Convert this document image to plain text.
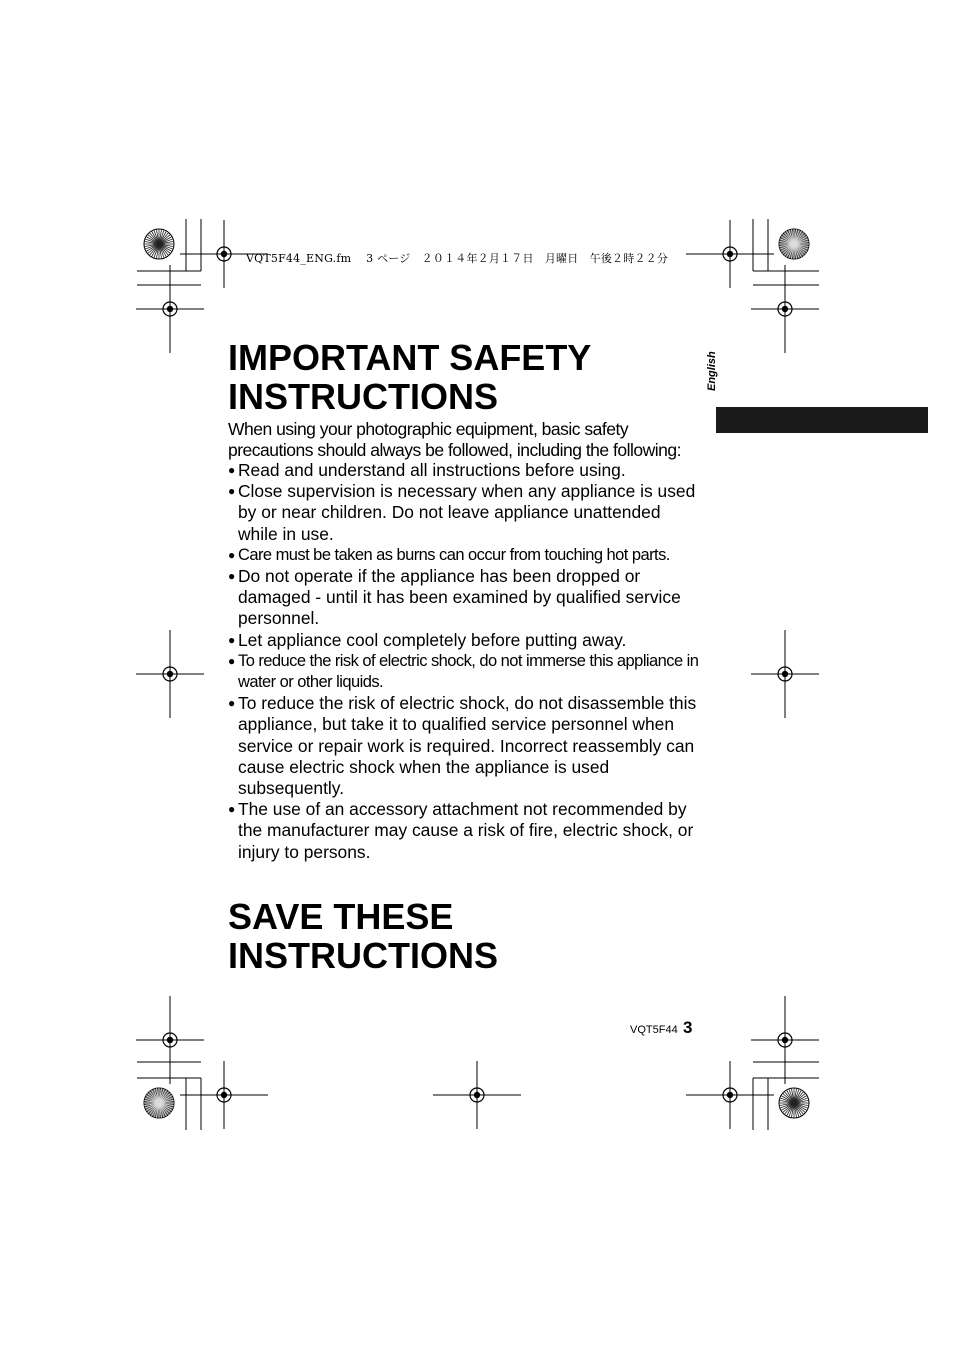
VQT5F44_ENG.fm　 3 ページ　２０１４年２月１７日　月曜日　午後２時２２分
English
IMPORTANT SAFETY
INSTRUCTIONS

When using your photographic equipment, basic safety
precautions should always be followed, including the following:

● Read and understand all instructions before using.
● Close supervision is necessary when any appliance is used by or near children. Do not leave appliance unattended while in use.
● Care must be taken as burns can occur from touching hot parts.
● Do not operate if the appliance has been dropped or damaged - until it has been examined by qualified service personnel.
● Let appliance cool completely before putting away.
● To reduce the risk of electric shock, do not immerse this appliance in water or other liquids.
● To reduce the risk of electric shock, do not disassemble this appliance, but take it to qualified service personnel when service or repair work is required. Incorrect reassembly can cause electric shock when the appliance is used subsequently.
● The use of an accessory attachment not recommended by the manufacturer may cause a risk of fire, electric shock, or injury to persons.
SAVE THESE
INSTRUCTIONS
VQT5F44 3
